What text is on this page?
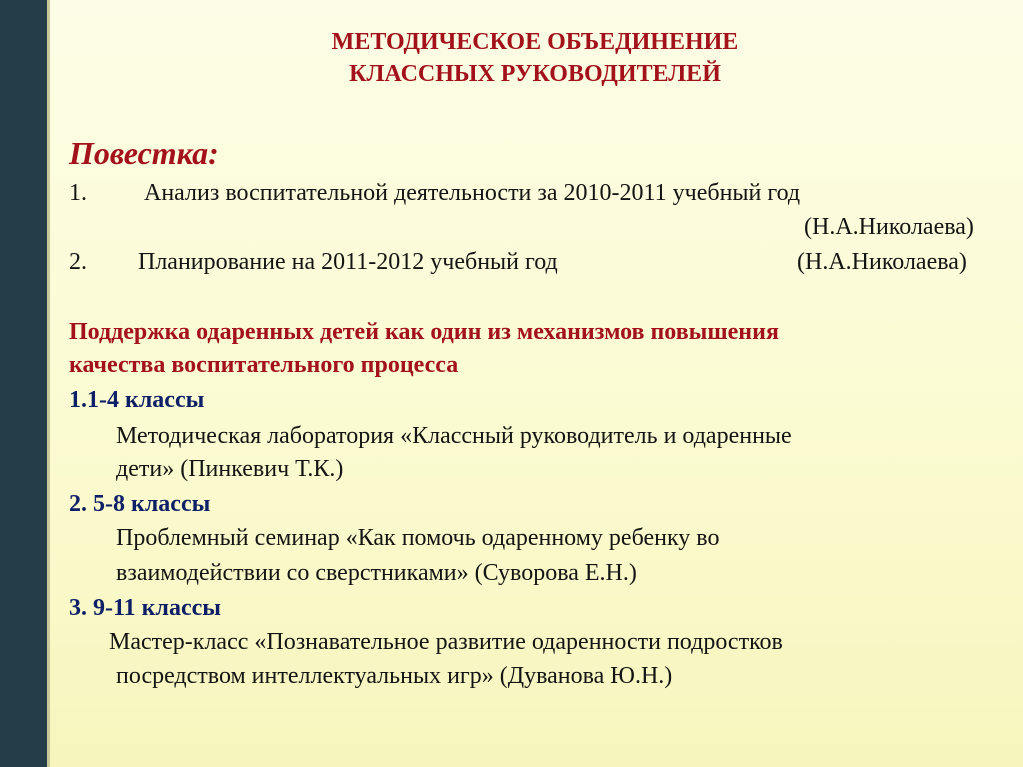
МЕТОДИЧЕСКОЕ ОБЪЕДИНЕНИЕ
КЛАССНЫХ РУКОВОДИТЕЛЕЙ
Повестка:
1. Анализ воспитательной деятельности за 2010-2011 учебный год
(Н.А.Николаева)
2. Планирование на 2011-2012 учебный год	(Н.А.Николаева)
Поддержка одаренных детей как один из механизмов повышения
качества воспитательного процесса
1.1-4 классы
Методическая лаборатория «Классный руководитель и одаренные
дети» (Пинкевич Т.К.)
2. 5-8 классы
Проблемный семинар «Как помочь одаренному ребенку во
взаимодействии со сверстниками» (Суворова Е.Н.)
3. 9-11 классы
Мастер-класс «Познавательное развитие одаренности подростков
посредством интеллектуальных игр» (Дуванова Ю.Н.)
